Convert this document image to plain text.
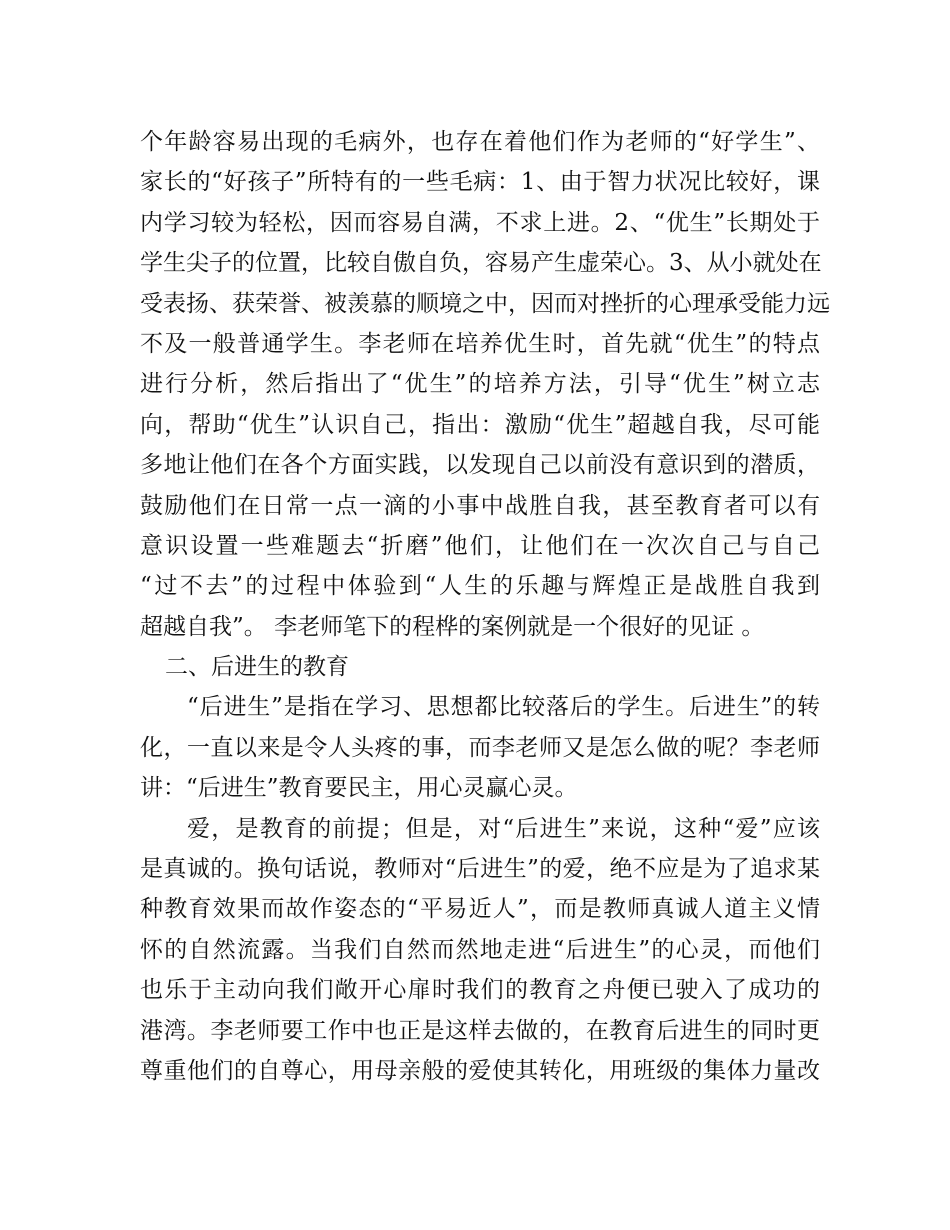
个年龄容易出现的毛病外，也存在着他们作为老师的“好学生”、
家长的“好孩子”所特有的一些毛病：1、由于智力状况比较好，课
内学习较为轻松，因而容易自满，不求上进。2、“优生”长期处于
学生尖子的位置，比较自傲自负，容易产生虚荣心。3、从小就处在
受表扬、获荣誉、被羡慕的顺境之中，因而对挫折的心理承受能力远
不及一般普通学生。李老师在培养优生时，首先就“优生”的特点
进行分析，然后指出了“优生”的培养方法，引导“优生”树立志
向，帮助“优生”认识自己，指出：激励“优生”超越自我，尽可能
多地让他们在各个方面实践，以发现自己以前没有意识到的潜质，
鼓励他们在日常一点一滴的小事中战胜自我，甚至教育者可以有
意识设置一些难题去“折磨”他们，让他们在一次次自己与自己
“过不去”的过程中体验到“人生的乐趣与辉煌正是战胜自我到
超越自我”。 李老师笔下的程桦的案例就是一个很好的见证 。
二、后进生的教育
“后进生”是指在学习、思想都比较落后的学生。后进生”的转
化，一直以来是令人头疼的事，而李老师又是怎么做的呢？李老师
讲：“后进生”教育要民主，用心灵赢心灵。
爱，是教育的前提；但是，对“后进生”来说，这种“爱”应该
是真诚的。换句话说，教师对“后进生”的爱，绝不应是为了追求某
种教育效果而故作姿态的“平易近人”，而是教师真诚人道主义情
怀的自然流露。当我们自然而然地走进“后进生”的心灵，而他们
也乐于主动向我们敞开心扉时我们的教育之舟便已驶入了成功的
港湾。李老师要工作中也正是这样去做的，在教育后进生的同时更
尊重他们的自尊心，用母亲般的爱使其转化，用班级的集体力量改
